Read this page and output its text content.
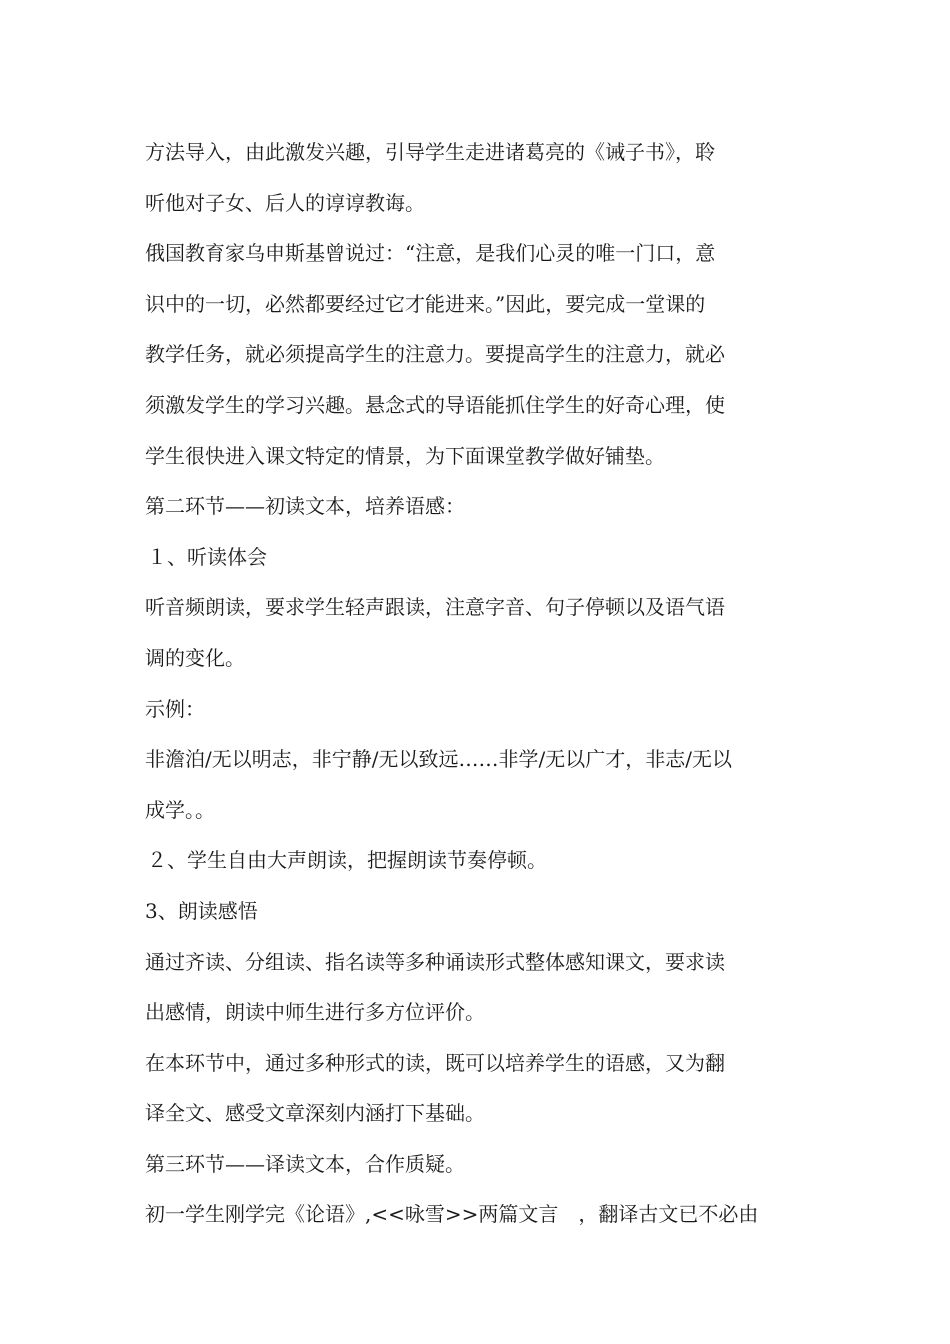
方法导入，由此激发兴趣，引导学生走进诸葛亮的《诫子书》，聆
听他对子女、后人的谆谆教诲。
俄国教育家乌申斯基曾说过：“注意，是我们心灵的唯一门口，意
识中的一切，必然都要经过它才能进来。”因此，要完成一堂课的
教学任务，就必须提高学生的注意力。要提高学生的注意力，就必
须激发学生的学习兴趣。悬念式的导语能抓住学生的好奇心理，使
学生很快进入课文特定的情景，为下面课堂教学做好铺垫。
第二环节——初读文本，培养语感：
１、听读体会
听音频朗读，要求学生轻声跟读，注意字音、句子停顿以及语气语
调的变化。
示例：
非澹泊/无以明志，非宁静/无以致远……非学/无以广才，非志/无以
成学。。
２、学生自由大声朗读，把握朗读节奏停顿。
3、朗读感悟
通过齐读、分组读、指名读等多种诵读形式整体感知课文，要求读
出感情，朗读中师生进行多方位评价。
在本环节中，通过多种形式的读，既可以培养学生的语感，又为翻
译全文、感受文章深刻内涵打下基础。
第三环节——译读文本，合作质疑。
初一学生刚学完《论语》,<<咏雪>>两篇文言　，翻译古文已不必由
